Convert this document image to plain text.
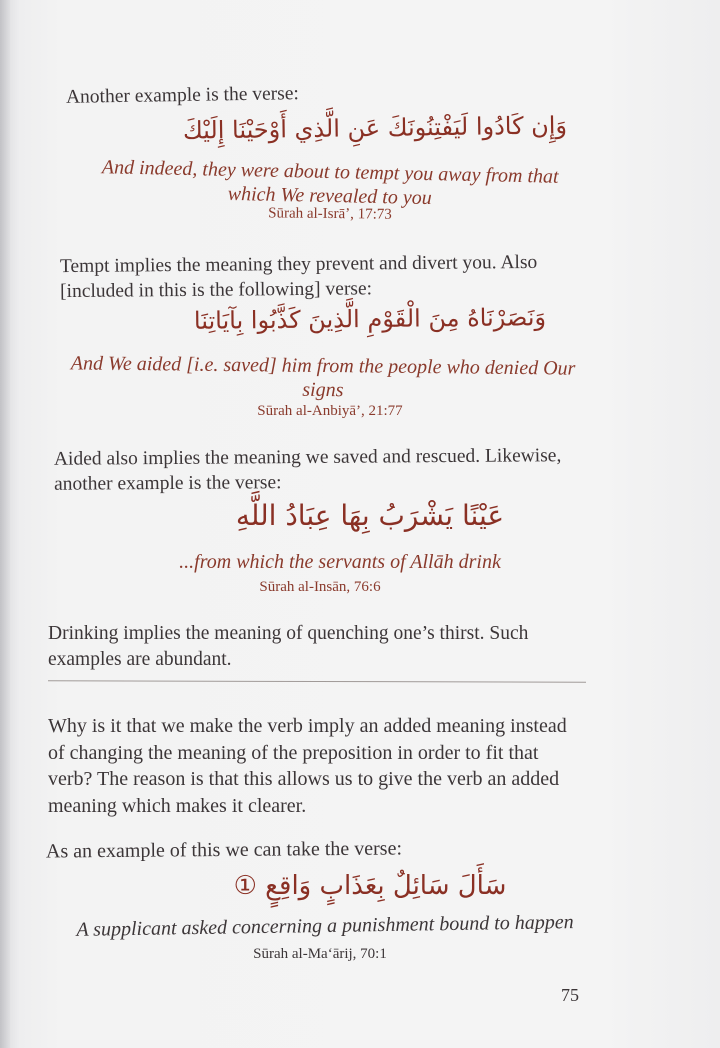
Another example is the verse:

وَإِن كَادُوا لَيَفْتِنُونَكَ عَنِ الَّذِي أَوْحَيْنَا إِلَيْكَ
And indeed, they were about to tempt you away from that
which We revealed to you
Sūrah al-Isrā’, 17:73
Tempt implies the meaning they prevent and divert you. Also
[included in this is the following] verse:
وَنَصَرْنَاهُ مِنَ الْقَوْمِ الَّذِينَ كَذَّبُوا بِآيَاتِنَا
And We aided [i.e. saved] him from the people who denied Our
signs
Sūrah al-Anbiyā’, 21:77
Aided also implies the meaning we saved and rescued. Likewise,
another example is the verse:
عَيْنًا يَشْرَبُ بِهَا عِبَادُ اللَّهِ
...from which the servants of Allāh drink
Sūrah al-Insān, 76:6
Drinking implies the meaning of quenching one’s thirst. Such
examples are abundant.
Why is it that we make the verb imply an added meaning instead
of changing the meaning of the preposition in order to fit that
verb? The reason is that this allows us to give the verb an added
meaning which makes it clearer.
As an example of this we can take the verse:
سَأَلَ سَائِلٌ بِعَذَابٍ وَاقِعٍ ①
A supplicant asked concerning a punishment bound to happen
Sūrah al-Ma‘ārij, 70:1
75
